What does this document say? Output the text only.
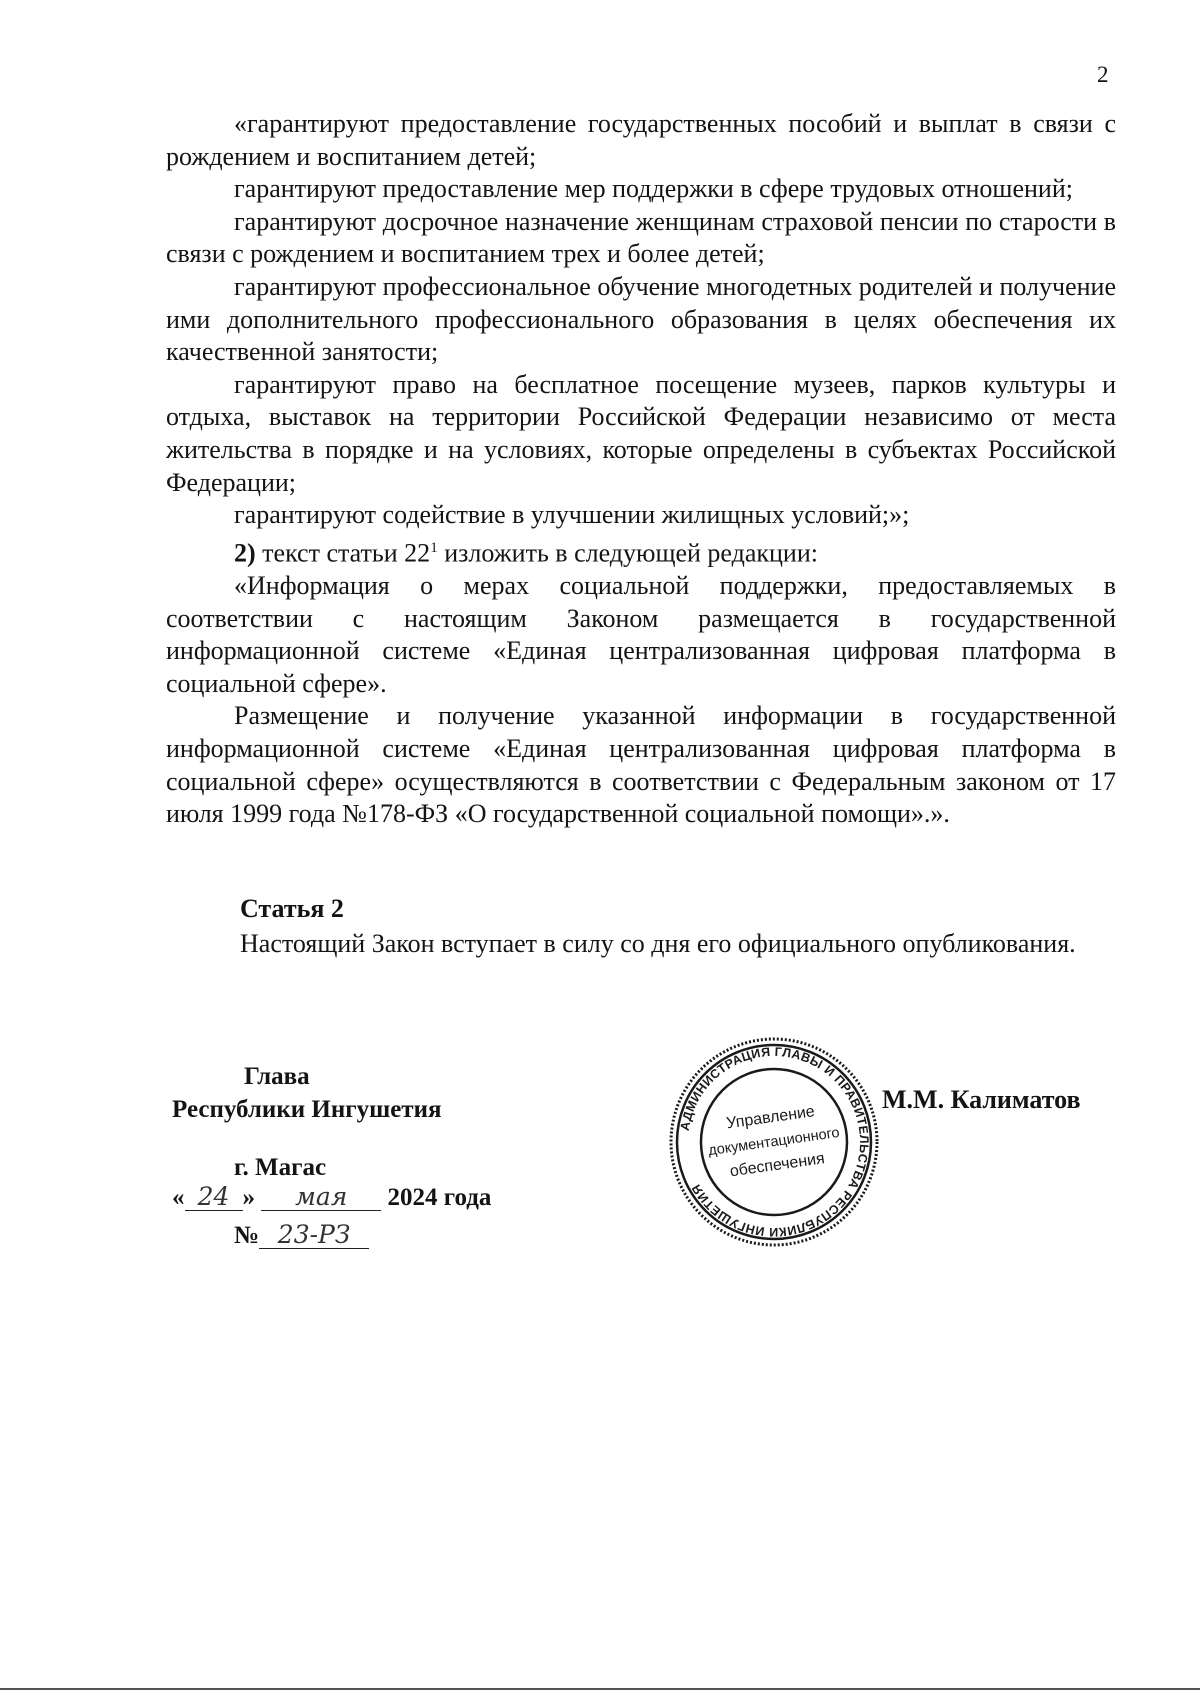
2

«гарантируют предоставление государственных пособий и выплат в связи с рождением и воспитанием детей;

гарантируют предоставление мер поддержки в сфере трудовых отношений;

гарантируют досрочное назначение женщинам страховой пенсии по старости в связи с рождением и воспитанием трех и более детей;

гарантируют профессиональное обучение многодетных родителей и получение ими дополнительного профессионального образования в целях обеспечения их качественной занятости;

гарантируют право на бесплатное посещение музеев, парков культуры и отдыха, выставок на территории Российской Федерации независимо от места жительства в порядке и на условиях, которые определены в субъектах Российской Федерации;

гарантируют содействие в улучшении жилищных условий;»;

2) текст статьи $22^1$ изложить в следующей редакции:

«Информация о мерах социальной поддержки, предоставляемых в соответствии с настоящим Законом размещается в государственной информационной системе «Единая централизованная цифровая платформа в социальной сфере».

Размещение и получение указанной информации в государственной информационной системе «Единая централизованная цифровая платформа в социальной сфере» осуществляются в соответствии с Федеральным законом от 17 июля 1999 года №178-ФЗ «О государственной социальной помощи».».

Статья 2

Настоящий Закон вступает в силу со дня его официального опубликования.

Глава
Республики Ингушетия
г. Магас
« 24 » мая 2024 года
№ 23-РЗ
АДМИНИСТРАЦИЯ ГЛАВЫ И ПРАВИТЕЛЬСТВА РЕСПУБЛИКИ ИНГУШЕТИЯ
Управление
документационного
обеспечения
М.М. Калиматов
